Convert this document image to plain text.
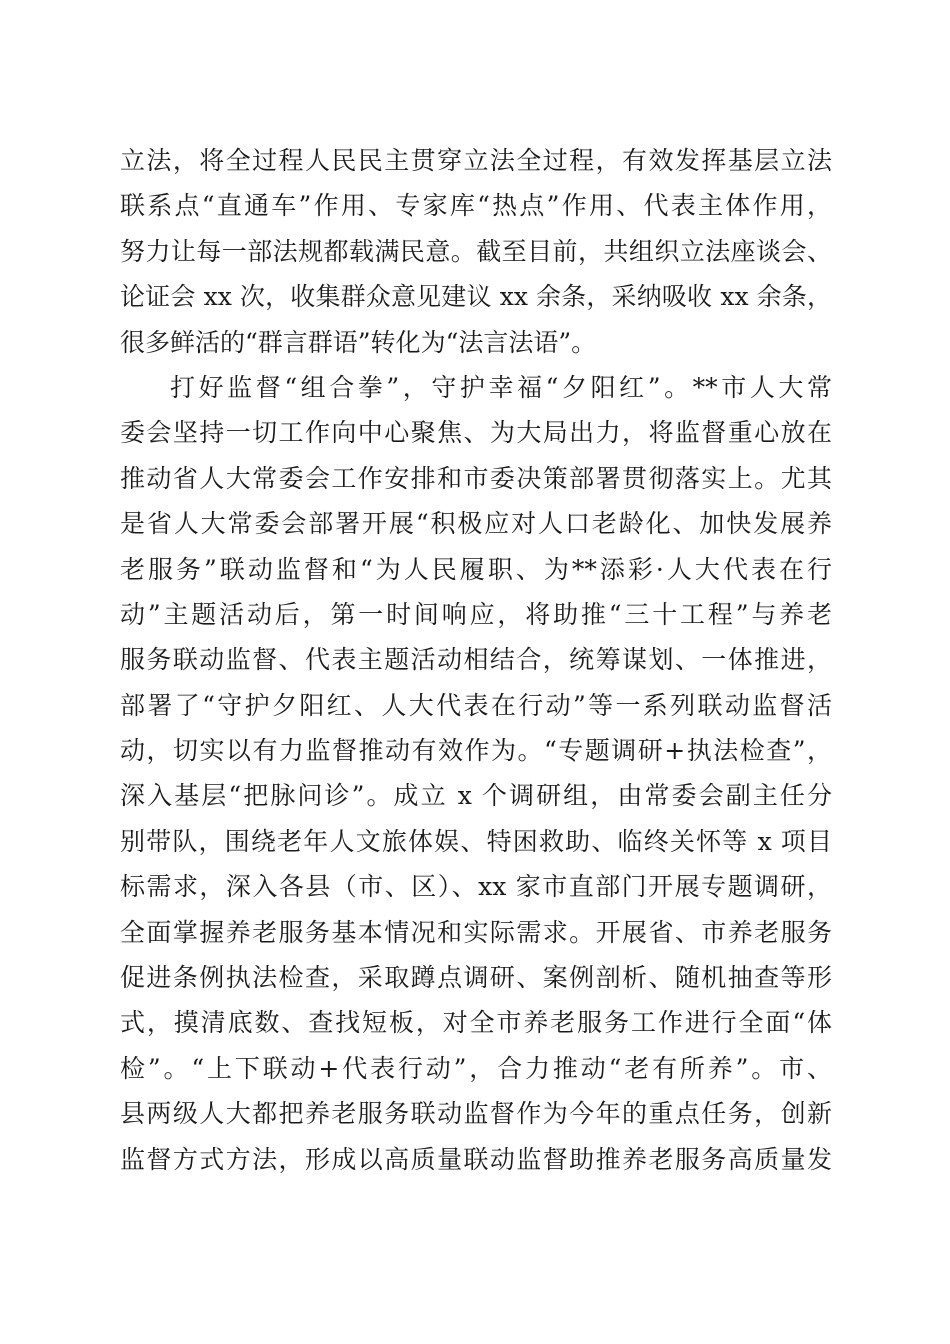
立法，将全过程人民民主贯穿立法全过程，有效发挥基层立法
联系点“直通车”作用、专家库“热点”作用、代表主体作用，
努力让每一部法规都载满民意。截至目前，共组织立法座谈会、
论证会 xx 次，收集群众意见建议 xx 余条，采纳吸收 xx 余条，
很多鲜活的“群言群语”转化为“法言法语”。
打好监督“组合拳”，守护幸福“夕阳红”。**市人大常
委会坚持一切工作向中心聚焦、为大局出力，将监督重心放在
推动省人大常委会工作安排和市委决策部署贯彻落实上。尤其
是省人大常委会部署开展“积极应对人口老龄化、加快发展养
老服务”联动监督和“为人民履职、为**添彩·人大代表在行
动”主题活动后，第一时间响应，将助推“三十工程”与养老
服务联动监督、代表主题活动相结合，统筹谋划、一体推进，
部署了“守护夕阳红、人大代表在行动”等一系列联动监督活
动，切实以有力监督推动有效作为。“专题调研+执法检查”，
深入基层“把脉问诊”。成立 x 个调研组，由常委会副主任分
别带队，围绕老年人文旅体娱、特困救助、临终关怀等 x 项目
标需求，深入各县（市、区）、xx 家市直部门开展专题调研，
全面掌握养老服务基本情况和实际需求。开展省、市养老服务
促进条例执法检查，采取蹲点调研、案例剖析、随机抽查等形
式，摸清底数、查找短板，对全市养老服务工作进行全面“体
检”。“上下联动+代表行动”，合力推动“老有所养”。市、
县两级人大都把养老服务联动监督作为今年的重点任务，创新
监督方式方法，形成以高质量联动监督助推养老服务高质量发
